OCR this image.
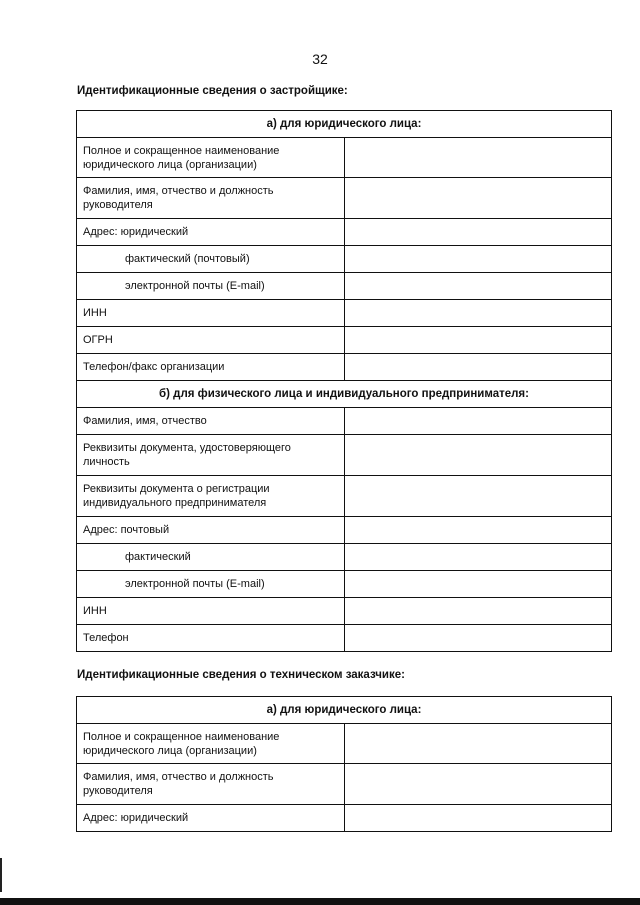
32
Идентификационные сведения о застройщике:
а) для юридического лица:	
Полное и сокращенное наименование юридического лица (организации)	
Фамилия, имя, отчество и должность руководителя	
Адрес: юридический	
фактический (почтовый)	
электронной почты (E-mail)	
ИНН	
ОГРН	
Телефон/факс организации	
б) для физического лица и индивидуального предпринимателя:	
Фамилия, имя, отчество	
Реквизиты документа, удостоверяющего личность	
Реквизиты документа о регистрации индивидуального предпринимателя	
Адрес: почтовый	
фактический	
электронной почты (E-mail)	
ИНН	
Телефон	
Идентификационные сведения о техническом заказчике:
а) для юридического лица:	
Полное и сокращенное наименование юридического лица (организации)	
Фамилия, имя, отчество и должность руководителя	
Адрес: юридический	
